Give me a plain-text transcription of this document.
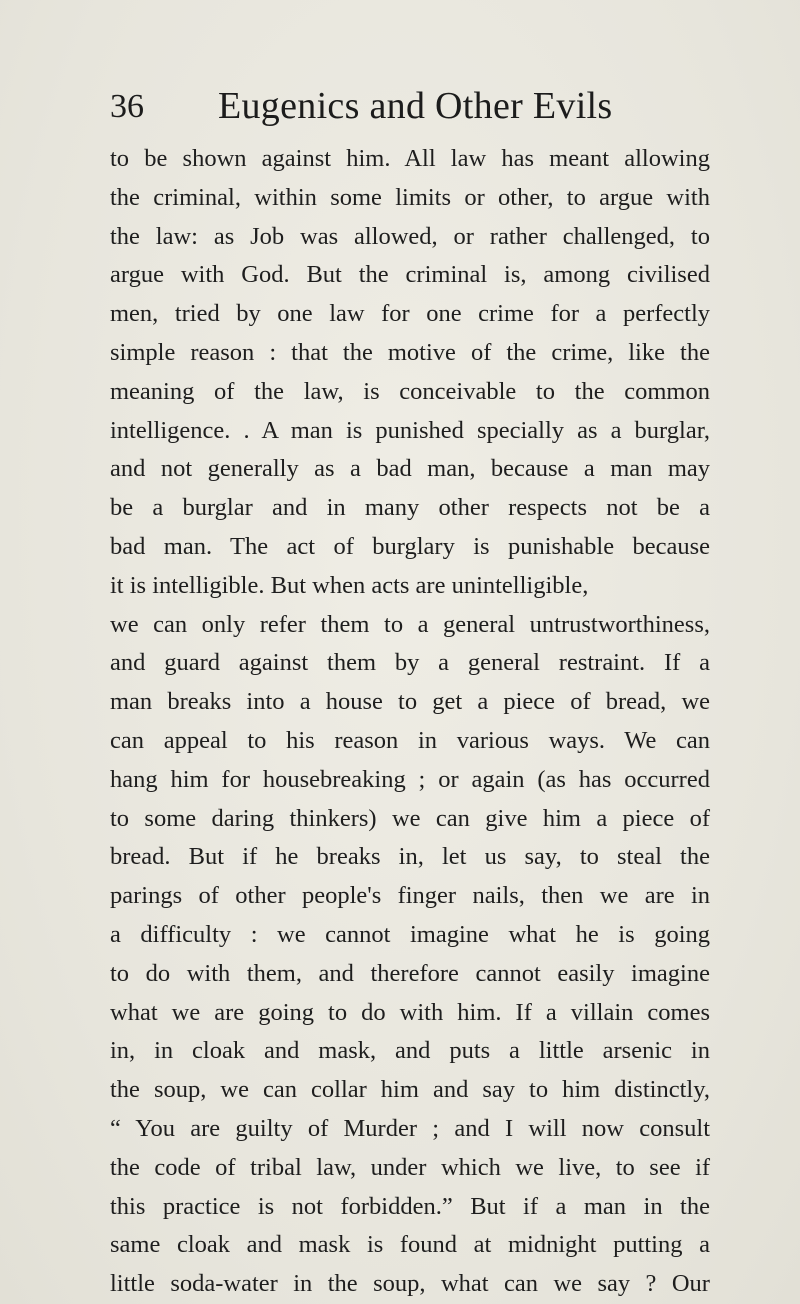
36 Eugenics and Other Evils
to be shown against him. All law has meant allowing
the criminal, within some limits or other, to argue with
the law: as Job was allowed, or rather challenged, to
argue with God. But the criminal is, among civilised
men, tried by one law for one crime for a perfectly
simple reason : that the motive of the crime, like the
meaning of the law, is conceivable to the common
intelligence. . A man is punished specially as a burglar,
and not generally as a bad man, because a man may
be a burglar and in many other respects not be a
bad man. The act of burglary is punishable because
it is intelligible. But when acts are unintelligible,
we can only refer them to a general untrustworthiness,
and guard against them by a general restraint. If a
man breaks into a house to get a piece of bread, we
can appeal to his reason in various ways. We can
hang him for housebreaking ; or again (as has occurred
to some daring thinkers) we can give him a piece of
bread. But if he breaks in, let us say, to steal the
parings of other people's finger nails, then we are in
a difficulty : we cannot imagine what he is going
to do with them, and therefore cannot easily imagine
what we are going to do with him. If a villain comes
in, in cloak and mask, and puts a little arsenic in
the soup, we can collar him and say to him distinctly,
“ You are guilty of Murder ; and I will now consult
the code of tribal law, under which we live, to see if
this practice is not forbidden.” But if a man in the
same cloak and mask is found at midnight putting a
little soda-water in the soup, what can we say ? Our
